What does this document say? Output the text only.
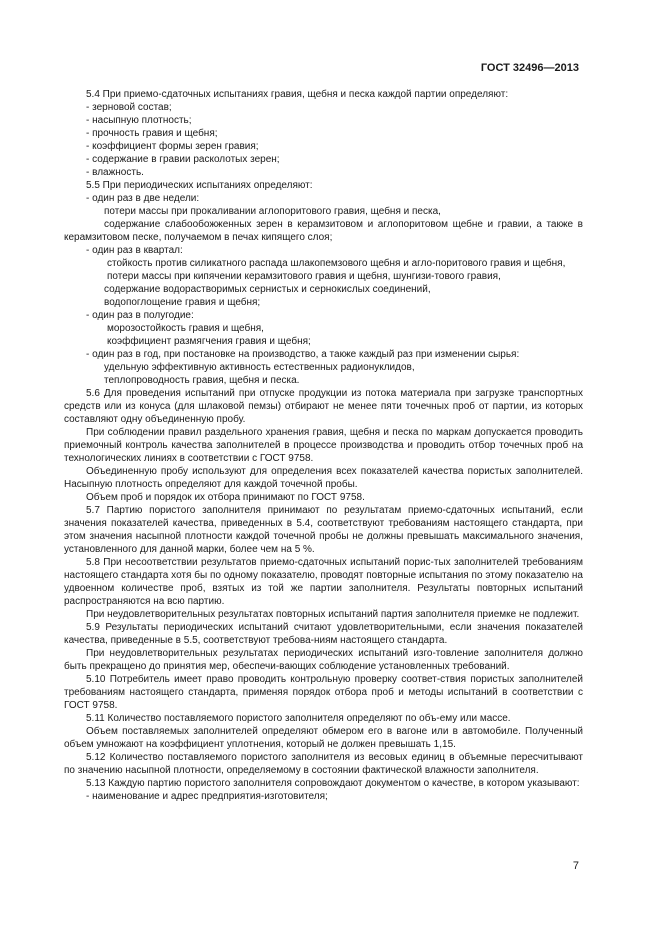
ГОСТ 32496—2013

5.4 При приемо-сдаточных испытаниях гравия, щебня и песка каждой партии определяют:

- зерновой состав;

- насыпную плотность;

- прочность гравия и щебня;

- коэффициент формы зерен гравия;

- содержание в гравии расколотых зерен;

- влажность.

5.5 При периодических испытаниях определяют:

- один раз в две недели:

потери массы при прокаливании аглопоритового гравия, щебня и песка,

содержание слабообожженных зерен в керамзитовом и аглопоритовом щебне и гравии, а также в керамзитовом песке, получаемом в печах кипящего слоя;

- один раз в квартал:

стойкость против силикатного распада шлакопемзового щебня и агло-поритового гравия и щебня,

потери массы при кипячении керамзитового гравия и щебня, шунгизи-тового гравия,

содержание водорастворимых сернистых и сернокислых соединений,

водопоглощение гравия и щебня;

- один раз в полугодие:

морозостойкость гравия и щебня,

коэффициент размягчения гравия и щебня;

- один раз в год, при постановке на производство, а также каждый раз при изменении сырья:

удельную эффективную активность естественных радионуклидов,

теплопроводность гравия, щебня и песка.

5.6 Для проведения испытаний при отпуске продукции из потока материала при загрузке транспортных средств или из конуса (для шлаковой пемзы) отбирают не менее пяти точечных проб от партии, из которых составляют одну объединенную пробу.

При соблюдении правил раздельного хранения гравия, щебня и песка по маркам допускается проводить приемочный контроль качества заполнителей в процессе производства и проводить отбор точечных проб на технологических линиях в соответствии с ГОСТ 9758.

Объединенную пробу используют для определения всех показателей качества пористых заполнителей. Насыпную плотность определяют для каждой точечной пробы.

Объем проб и порядок их отбора принимают по ГОСТ 9758.

5.7 Партию пористого заполнителя принимают по результатам приемо-сдаточных испытаний, если значения показателей качества, приведенных в 5.4, соответствуют требованиям настоящего стандарта, при этом значения насыпной плотности каждой точечной пробы не должны превышать максимального значения, установленного для данной марки, более чем на 5 %.

5.8 При несоответствии результатов приемо-сдаточных испытаний порис-тых заполнителей требованиям настоящего стандарта хотя бы по одному показателю, проводят повторные испытания по этому показателю на удвоенном количестве проб, взятых из той же партии заполнителя. Результаты повторных испытаний распространяются на всю партию.

При неудовлетворительных результатах повторных испытаний партия заполнителя приемке не подлежит.

5.9 Результаты периодических испытаний считают удовлетворительными, если значения показателей качества, приведенные в 5.5, соответствуют требова-ниям настоящего стандарта.

При неудовлетворительных результатах периодических испытаний изго-товление заполнителя должно быть прекращено до принятия мер, обеспечи-вающих соблюдение установленных требований.

5.10 Потребитель имеет право проводить контрольную проверку соответ-ствия пористых заполнителей требованиям настоящего стандарта, применяя порядок отбора проб и методы испытаний в соответствии с ГОСТ 9758.

5.11 Количество поставляемого пористого заполнителя определяют по объ-ему или массе.

Объем поставляемых заполнителей определяют обмером его в вагоне или в автомобиле. Полученный объем умножают на коэффициент уплотнения, который не должен превышать 1,15.

5.12 Количество поставляемого пористого заполнителя из весовых единиц в объемные пересчитывают по значению насыпной плотности, определяемому в состоянии фактической влажности заполнителя.

5.13 Каждую партию пористого заполнителя сопровождают документом о качестве, в котором указывают:

- наименование и адрес предприятия-изготовителя;

7
